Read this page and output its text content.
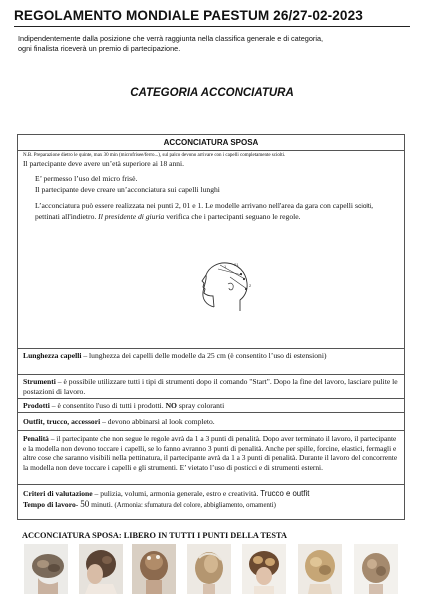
REGOLAMENTO MONDIALE PAESTUM 26/27-02-2023
Indipendentemente dalla posizione che verrà raggiunta nella classifica generale e di categoria,
ogni finalista riceverà un premio di partecipazione.
CATEGORIA ACCONCIATURA
ACCONCIATURA SPOSA

N.B. Preparazione dietro le quinte, max 30 min (microfrisee/ferro...), sul palco devono arrivare con i capelli completamente sciolti.

Il partecipante deve avere un’età superiore ai 18 anni.

E’ permesso l’uso del micro frisè.

Il partecipante deve creare un’acconciatura sui capelli lunghi

L’acconciatura può essere realizzata nei punti 2, 01 e 1. Le modelle arrivano nell'area da gara con capelli sciolti, pettinati all'indietro. Il presidente di giuria verifica che i partecipanti seguano le regole.

1 01
2
Lunghezza capelli – lunghezza dei capelli delle modelle da 25 cm (è consentito l’uso di estensioni)
Strumenti – è possibile utilizzare tutti i tipi di strumenti dopo il comando "Start". Dopo la fine del lavoro, lasciare pulite le postazioni di lavoro.
Prodotti – è consentito l'uso di tutti i prodotti. NO spray coloranti
Outfit, trucco, accessori – devono abbinarsi al look completo.
Penalità – il partecipante che non segue le regole avrà da 1 a 3 punti di penalità. Dopo aver terminato il lavoro, il partecipante e la modella non devono toccare i capelli, se lo fanno avranno 3 punti di penalità. Anche per spille, forcine, elastici, fermagli e altre cose che saranno visibili nella pettinatura, il partecipante avrà da 1 a 3 punti di penalità. Durante il lavoro del concorrente la modella non deve toccare i capelli e gli strumenti. E’ vietato l’uso di posticci e di strumenti esterni.
Criteri di valutazione – pulizia, volumi, armonia generale, estro e creatività. Trucco e outfit
Tempo di lavoro- 50 minuti. (Armonia: sfumatura del colore, abbigliamento, ornamenti)
ACCONCIATURA SPOSA: LIBERO IN TUTTI I PUNTI DELLA TESTA
